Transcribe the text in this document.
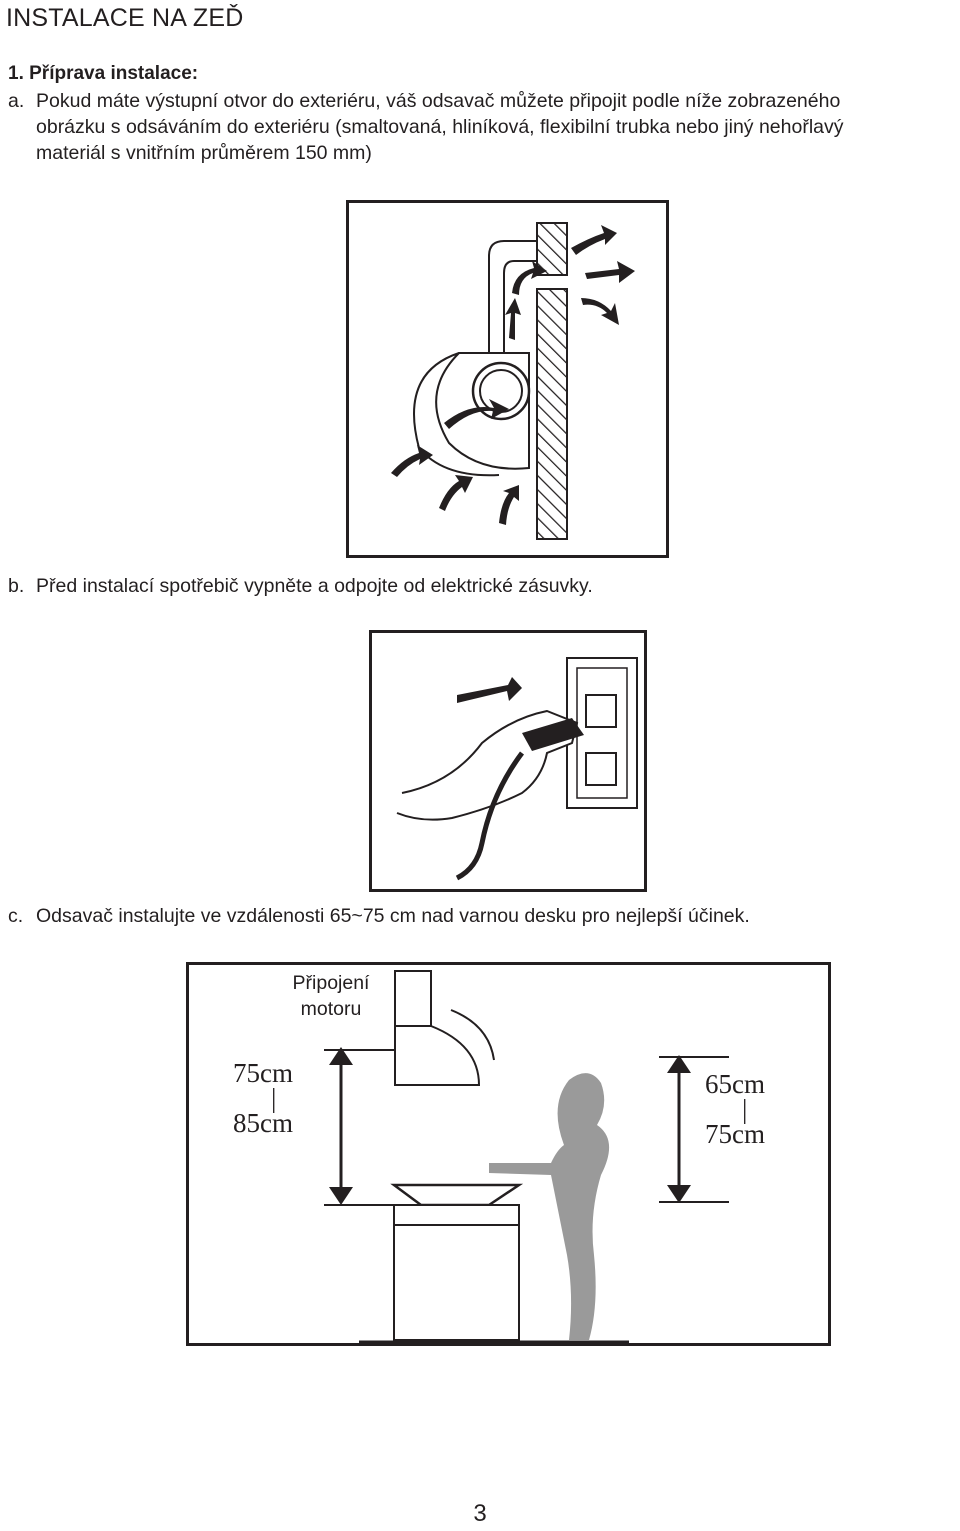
INSTALACE NA ZEĎ
1. Příprava instalace:
a. Pokud máte výstupní otvor do exteriéru, váš odsavač můžete připojit podle níže zobrazeného
obrázku s odsáváním do exteriéru (smaltovaná, hliníková, flexibilní trubka nebo jiný nehořlavý
materiál s vnitřním průměrem 150 mm)
b. Před instalací spotřebič vypněte a odpojte od elektrické zásuvky.
c. Odsavač instalujte ve vzdálenosti 65~75 cm nad varnou desku pro nejlepší účinek.
75cm
|
85cm
65cm
|
75cm
Připojení
motoru
3
